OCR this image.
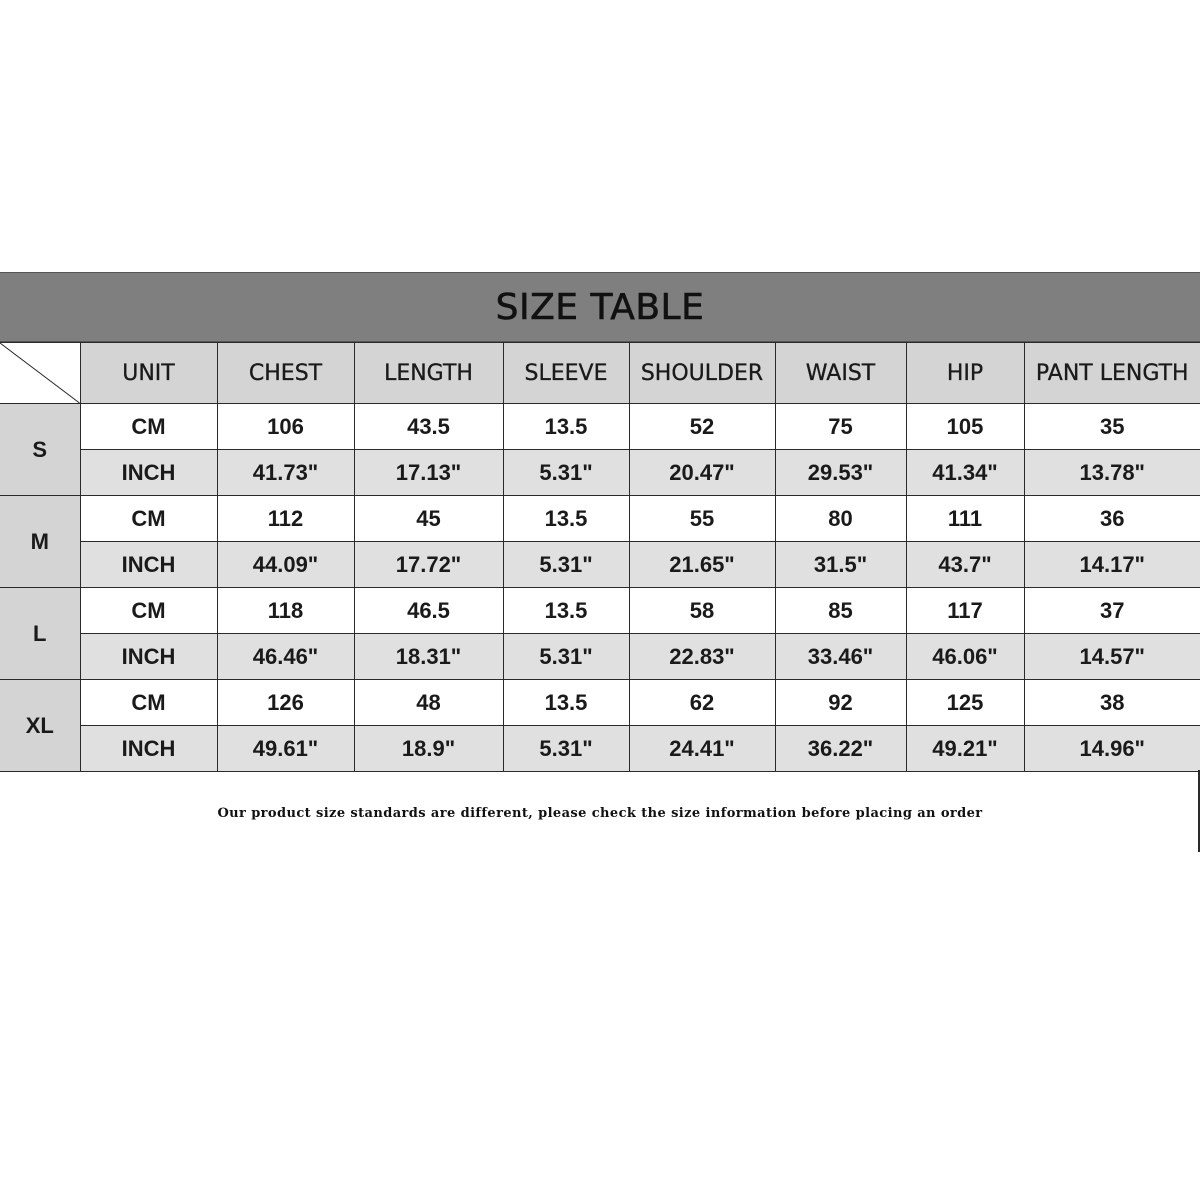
SIZE TABLE
	UNIT	CHEST	LENGTH	SLEEVE	SHOULDER	WAIST	HIP	PANT LENGTH
S	CM	106	43.5	13.5	52	75	105	35
	INCH	41.73"	17.13"	5.31"	20.47"	29.53"	41.34"	13.78"
M	CM	112	45	13.5	55	80	111	36
	INCH	44.09"	17.72"	5.31"	21.65"	31.5"	43.7"	14.17"
L	CM	118	46.5	13.5	58	85	117	37
	INCH	46.46"	18.31"	5.31"	22.83"	33.46"	46.06"	14.57"
XL	CM	126	48	13.5	62	92	125	38
	INCH	49.61"	18.9"	5.31"	24.41"	36.22"	49.21"	14.96"
Our product size standards are different, please check the size information before placing an order
